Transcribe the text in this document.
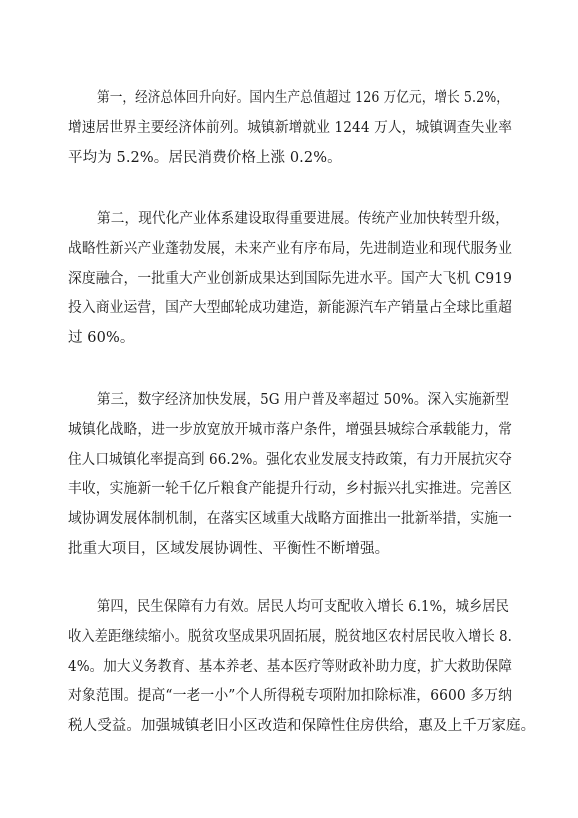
第一，经济总体回升向好。国内生产总值超过 126 万亿元，增长 5.2%，
增速居世界主要经济体前列。城镇新增就业 1244 万人，城镇调查失业率
平均为 5.2%。居民消费价格上涨 0.2%。
第二，现代化产业体系建设取得重要进展。传统产业加快转型升级，
战略性新兴产业蓬勃发展，未来产业有序布局，先进制造业和现代服务业
深度融合，一批重大产业创新成果达到国际先进水平。国产大飞机 C919
投入商业运营，国产大型邮轮成功建造，新能源汽车产销量占全球比重超
过 60%。
第三，数字经济加快发展，5G 用户普及率超过 50%。深入实施新型
城镇化战略，进一步放宽放开城市落户条件，增强县城综合承载能力，常
住人口城镇化率提高到 66.2%。强化农业发展支持政策，有力开展抗灾夺
丰收，实施新一轮千亿斤粮食产能提升行动，乡村振兴扎实推进。完善区
域协调发展体制机制，在落实区域重大战略方面推出一批新举措，实施一
批重大项目，区域发展协调性、平衡性不断增强。
第四，民生保障有力有效。居民人均可支配收入增长 6.1%，城乡居民
收入差距继续缩小。脱贫攻坚成果巩固拓展，脱贫地区农村居民收入增长 8.
4%。加大义务教育、基本养老、基本医疗等财政补助力度，扩大救助保障
对象范围。提高“一老一小”个人所得税专项附加扣除标准，6600 多万纳
税人受益。加强城镇老旧小区改造和保障性住房供给，惠及上千万家庭。
